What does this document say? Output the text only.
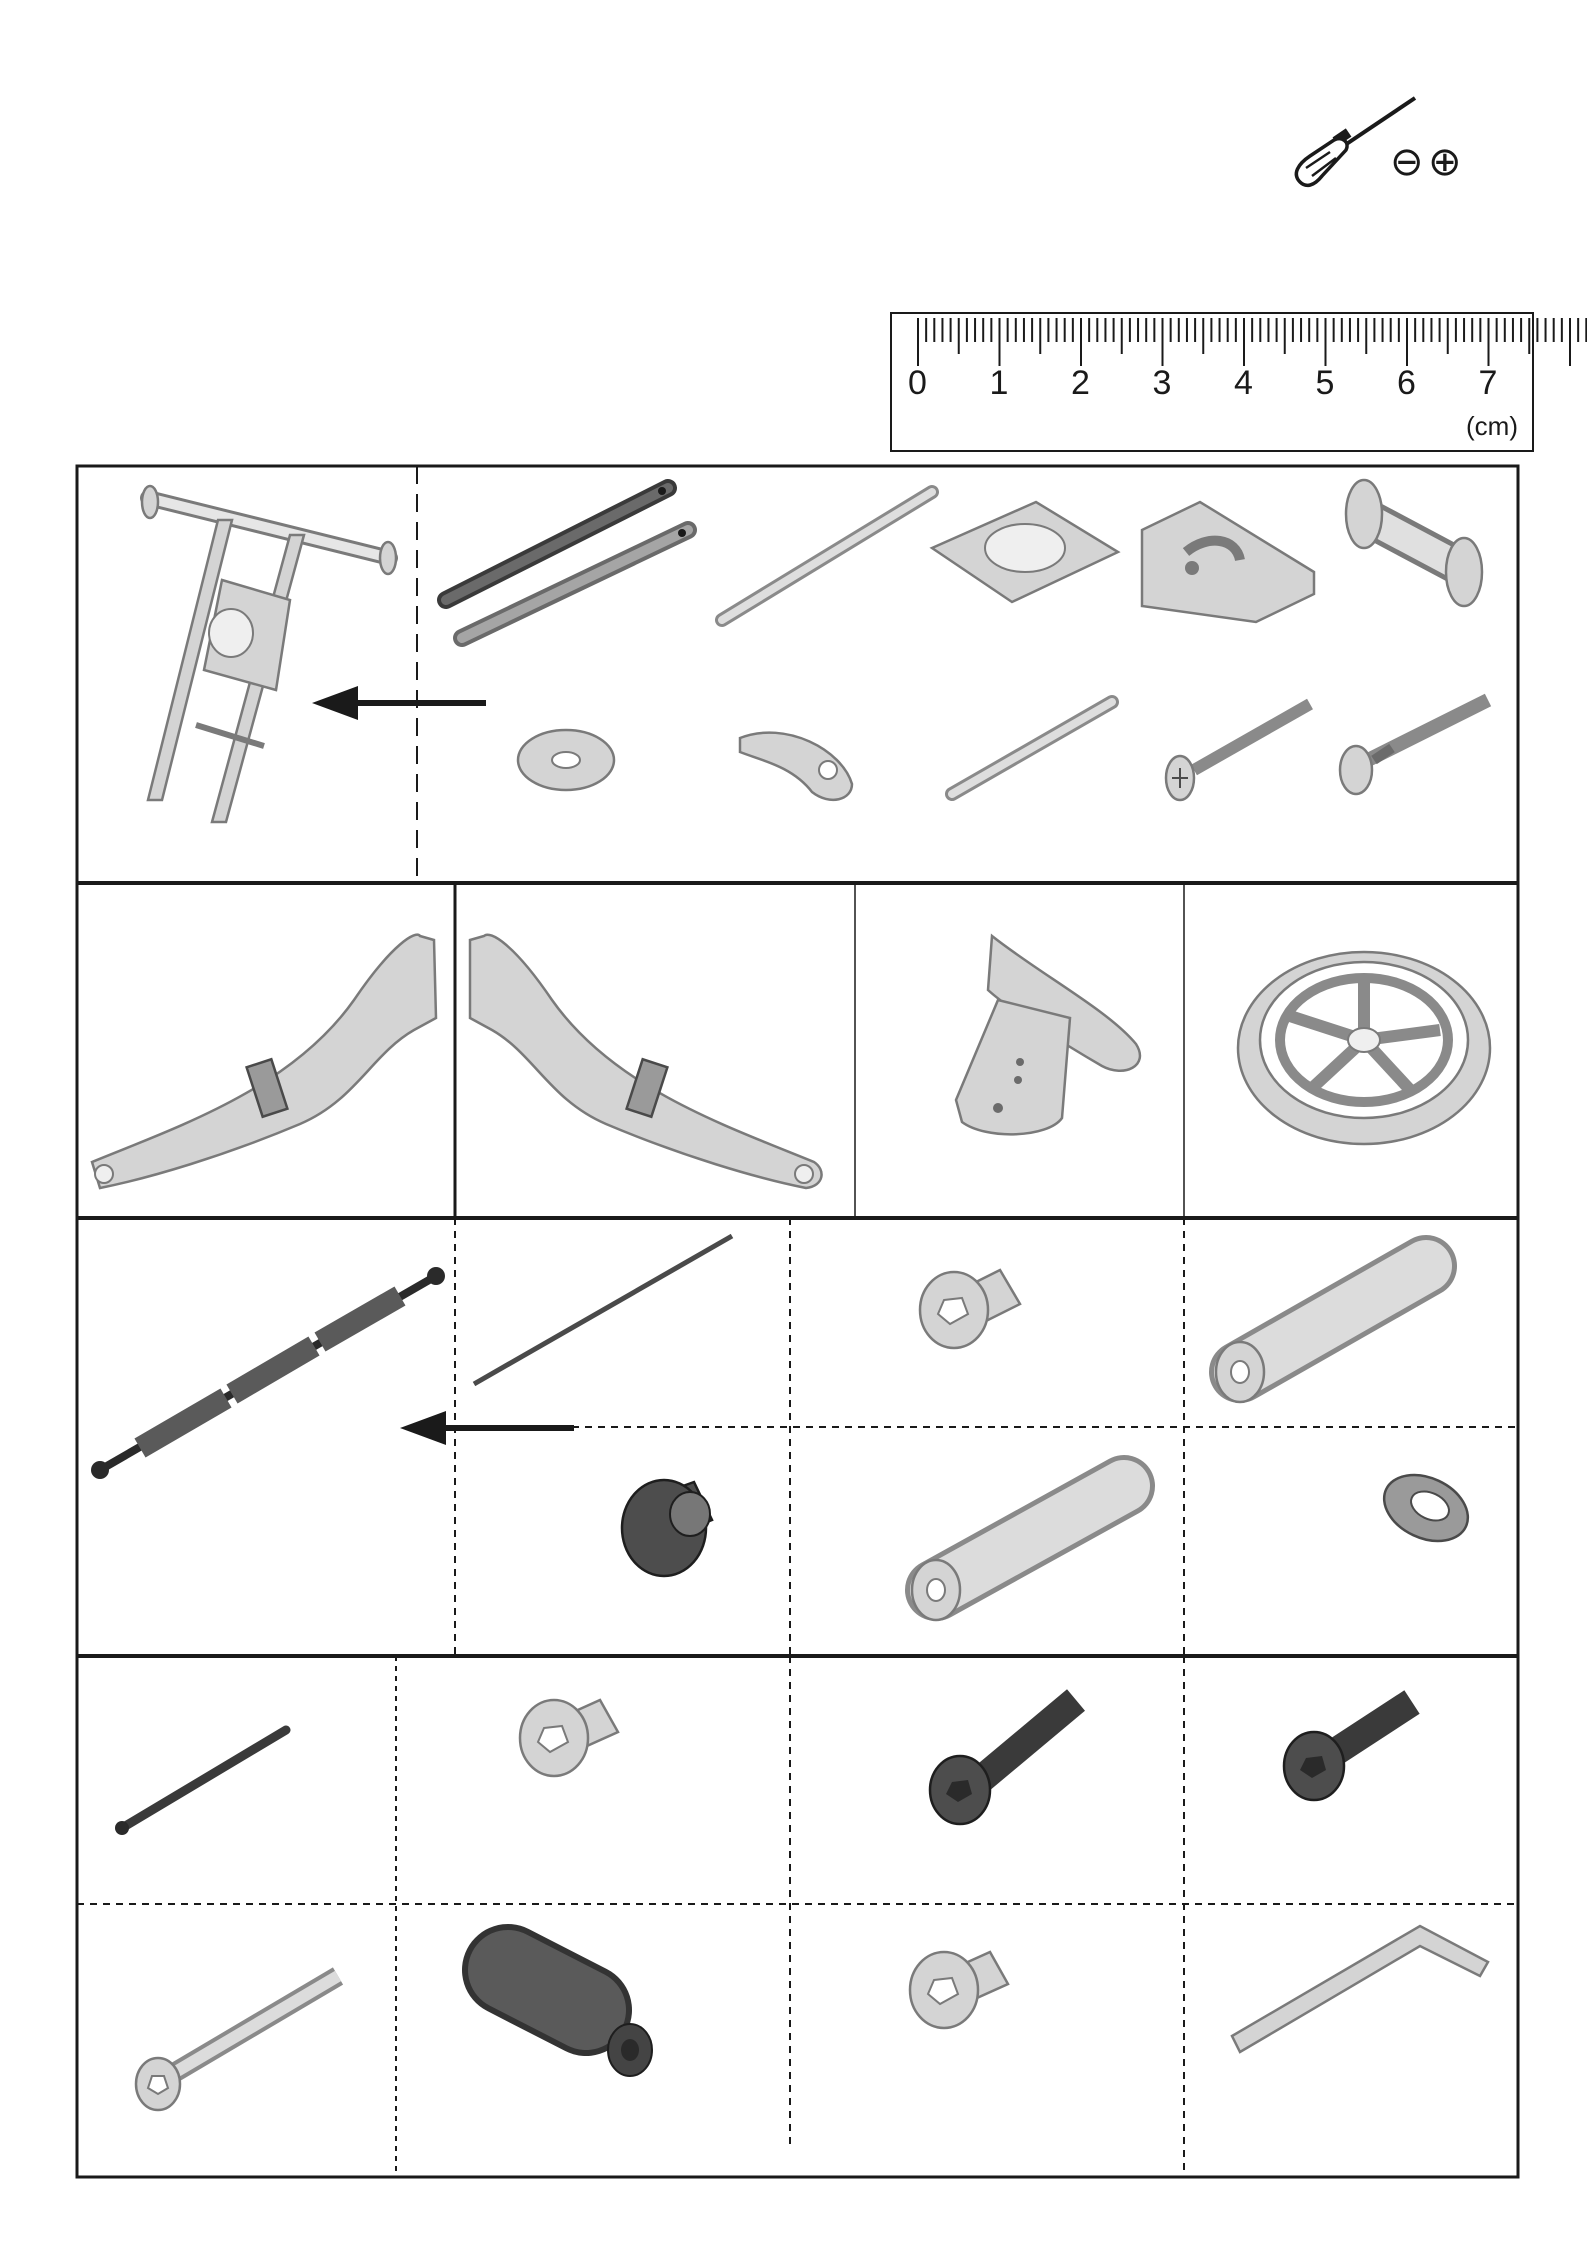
⊖ ⊕
0 1 2 3 4 5 6 7
(cm)
